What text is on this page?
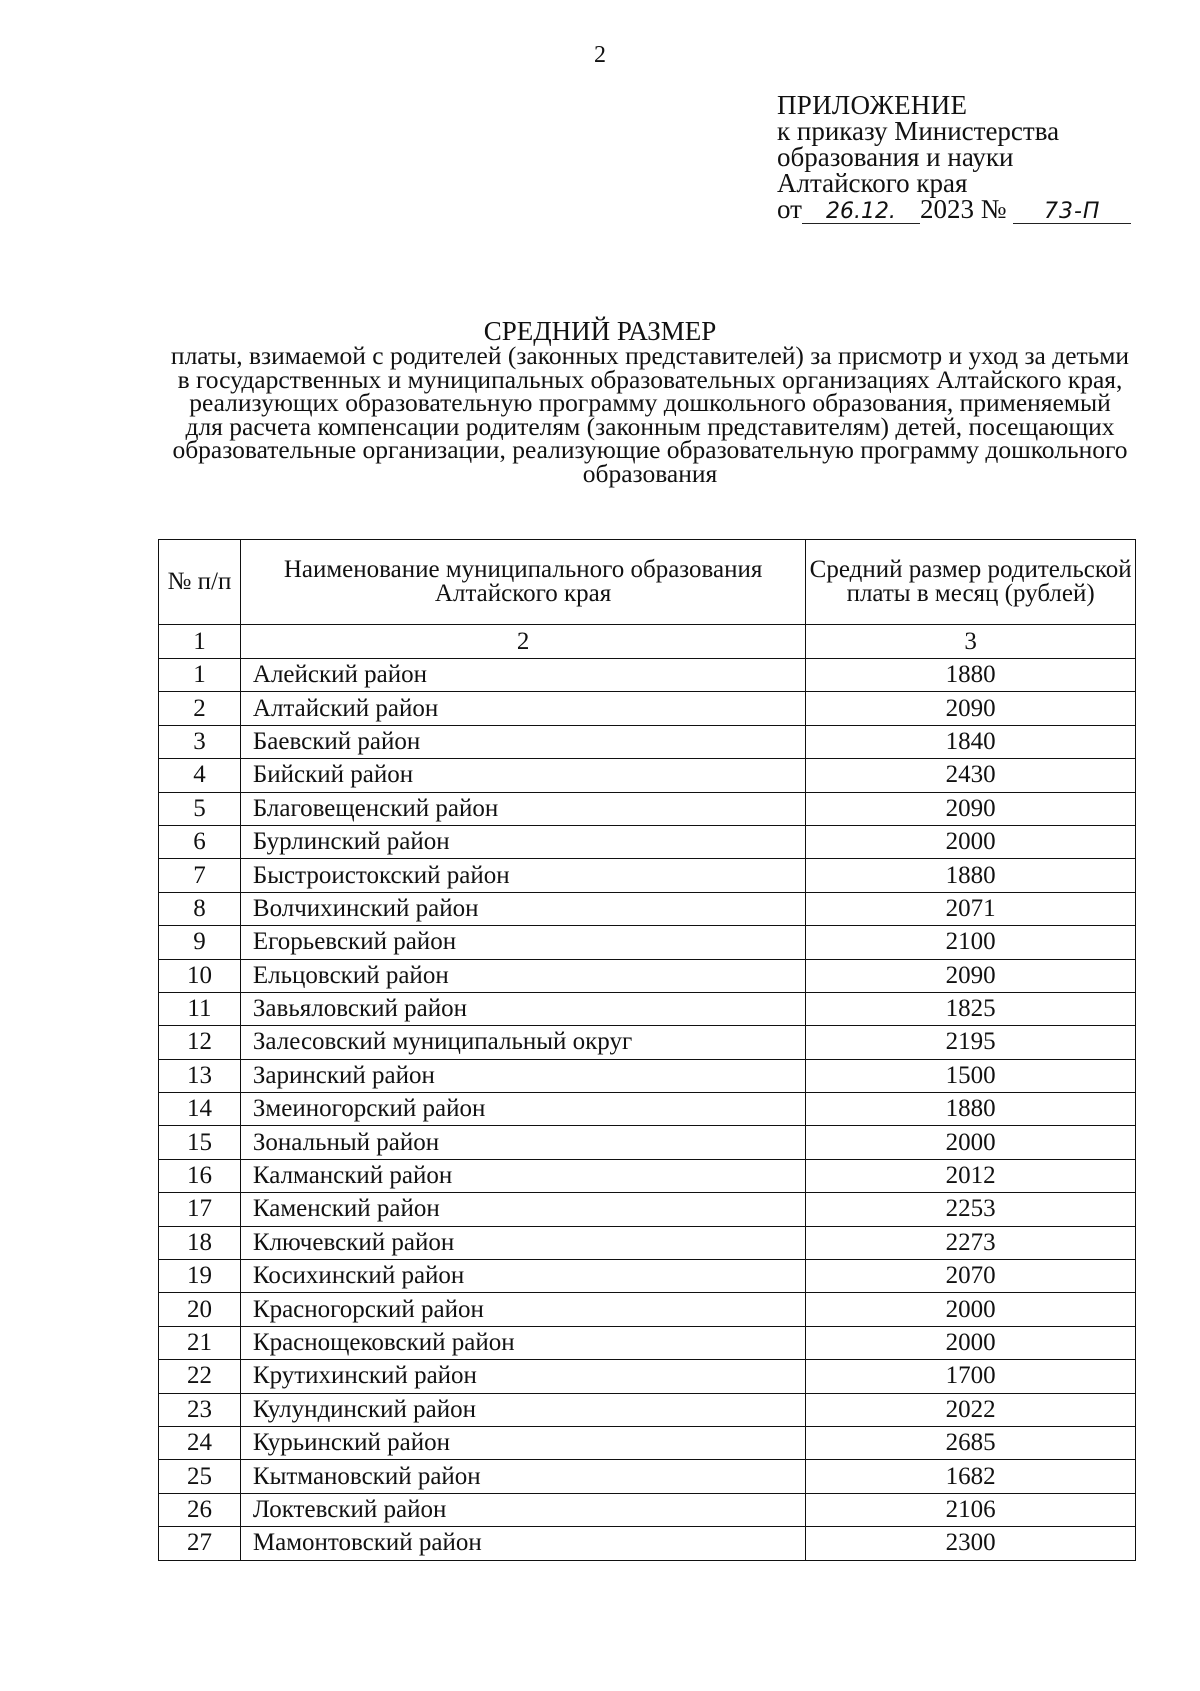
2
ПРИЛОЖЕНИЕ
к приказу Министерства
образования и науки
Алтайского края
от 26.12. 2023 № 73-П
СРЕДНИЙ РАЗМЕР
платы, взимаемой с родителей (законных представителей) за присмотр и уход за детьми в государственных и муниципальных образовательных организациях Алтайского края, реализующих образовательную программу дошкольного образования, применяемый для расчета компенсации родителям (законным представителям) детей, посещающих образовательные организации, реализующие образовательную программу дошкольного образования
№ п/п	Наименование муниципального образования Алтайского края	Средний размер родительской платы в месяц (рублей)
1	2	3
1	Алейский район	1880
2	Алтайский район	2090
3	Баевский район	1840
4	Бийский район	2430
5	Благовещенский район	2090
6	Бурлинский район	2000
7	Быстроистокский район	1880
8	Волчихинский район	2071
9	Егорьевский район	2100
10	Ельцовский район	2090
11	Завьяловский район	1825
12	Залесовский муниципальный округ	2195
13	Заринский район	1500
14	Змеиногорский район	1880
15	Зональный район	2000
16	Калманский район	2012
17	Каменский район	2253
18	Ключевский район	2273
19	Косихинский район	2070
20	Красногорский район	2000
21	Краснощековский район	2000
22	Крутихинский район	1700
23	Кулундинский район	2022
24	Курьинский район	2685
25	Кытмановский район	1682
26	Локтевский район	2106
27	Мамонтовский район	2300
